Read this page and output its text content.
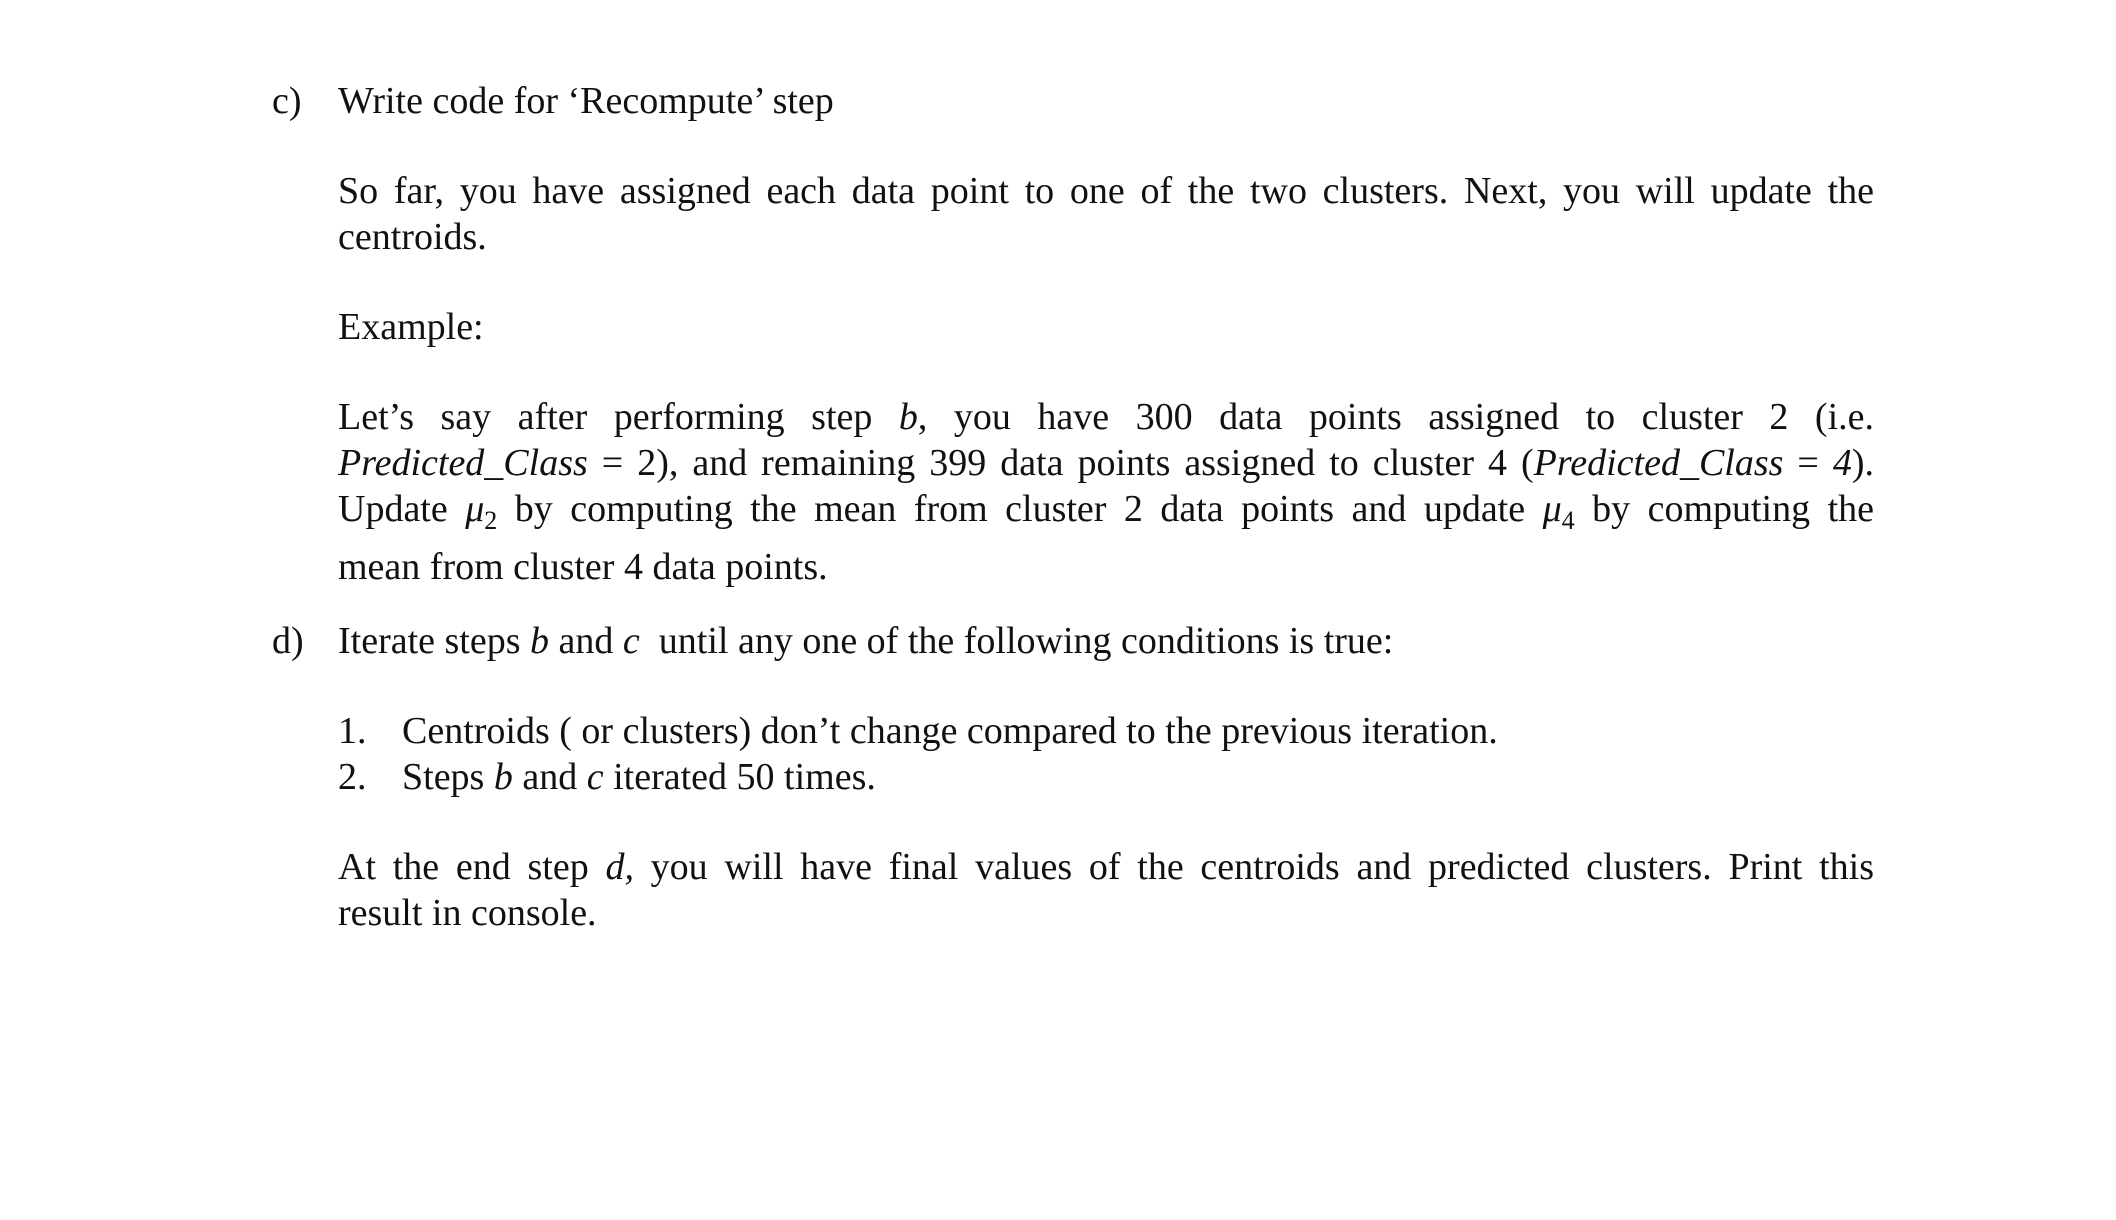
c) Write code for ‘Recompute’ step
So far, you have assigned each data point to one of the two clusters. Next, you will update the
centroids.
Example:
Let’s say after performing step b, you have 300 data points assigned to cluster 2 (i.e.
Predicted_Class = 2), and remaining 399 data points assigned to cluster 4 (Predicted_Class = 4).
Update $\mu_2$ by computing the mean from cluster 2 data points and update $\mu_4$ by computing the
mean from cluster 4 data points.
d) Iterate steps b and c  until any one of the following conditions is true:
1. Centroids ( or clusters) don’t change compared to the previous iteration.
2. Steps b and c iterated 50 times.
At the end step d, you will have final values of the centroids and predicted clusters. Print this
result in console.
